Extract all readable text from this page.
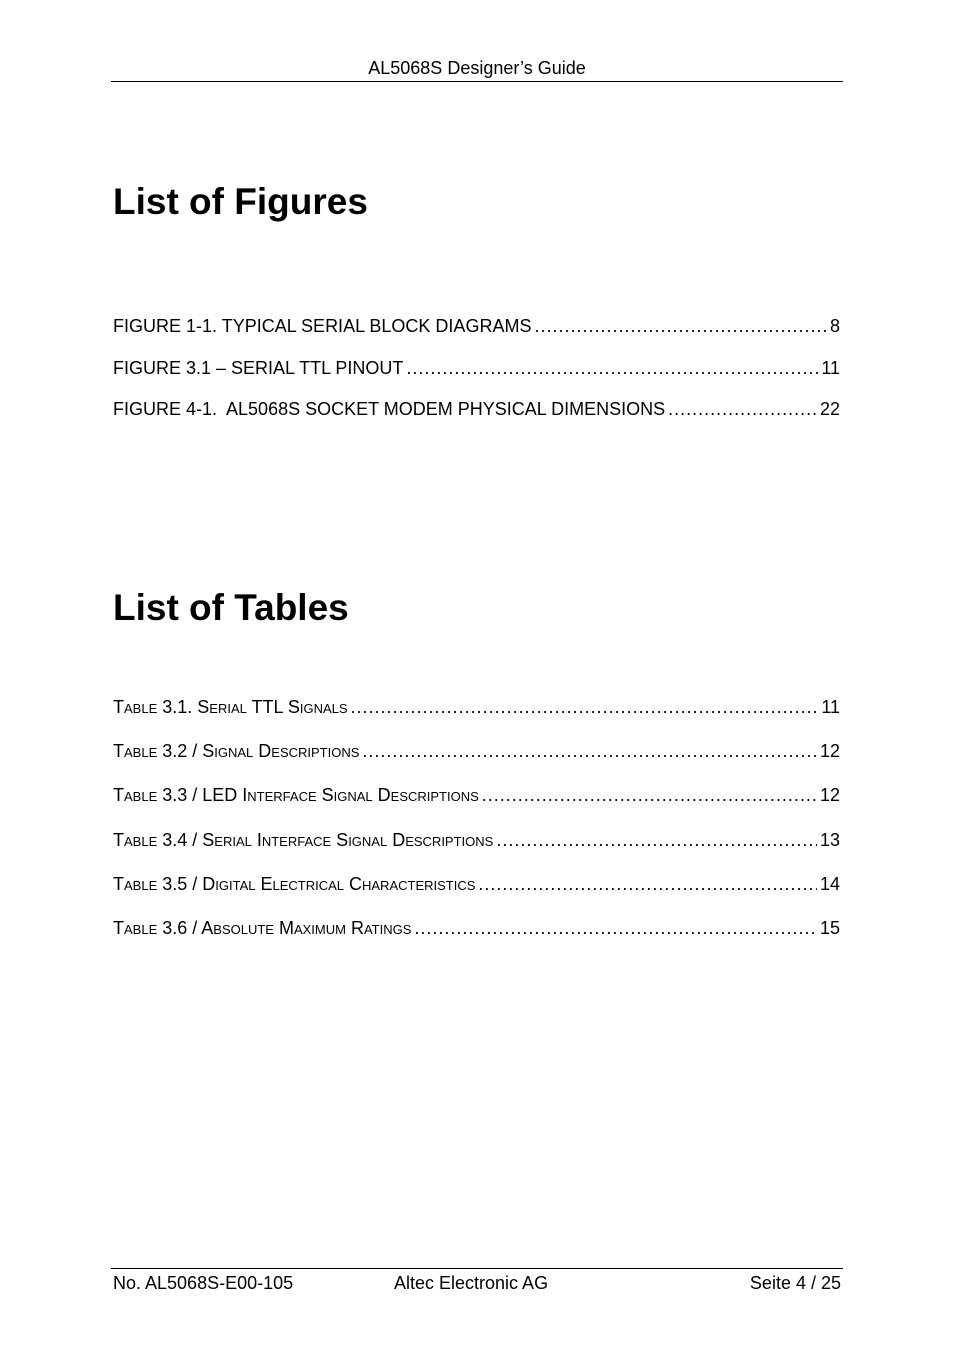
AL5068S Designer’s Guide
List of Figures
FIGURE 1-1. TYPICAL SERIAL BLOCK DIAGRAMS .....	8
FIGURE 3.1 – SERIAL TTL PINOUT .....	11
FIGURE 4-1.  AL5068S SOCKET MODEM PHYSICAL DIMENSIONS .....	22
List of Tables
Table 3.1. Serial TTL Signals .....	11
Table 3.2 / Signal Descriptions .....	12
Table 3.3 / LED Interface Signal Descriptions .....	12
Table 3.4 / Serial Interface Signal Descriptions .....	13
Table 3.5 / Digital Electrical Characteristics .....	14
Table 3.6 / Absolute Maximum Ratings .....	15
No. AL5068S-E00-105	Altec Electronic AG	Seite 4 / 25
